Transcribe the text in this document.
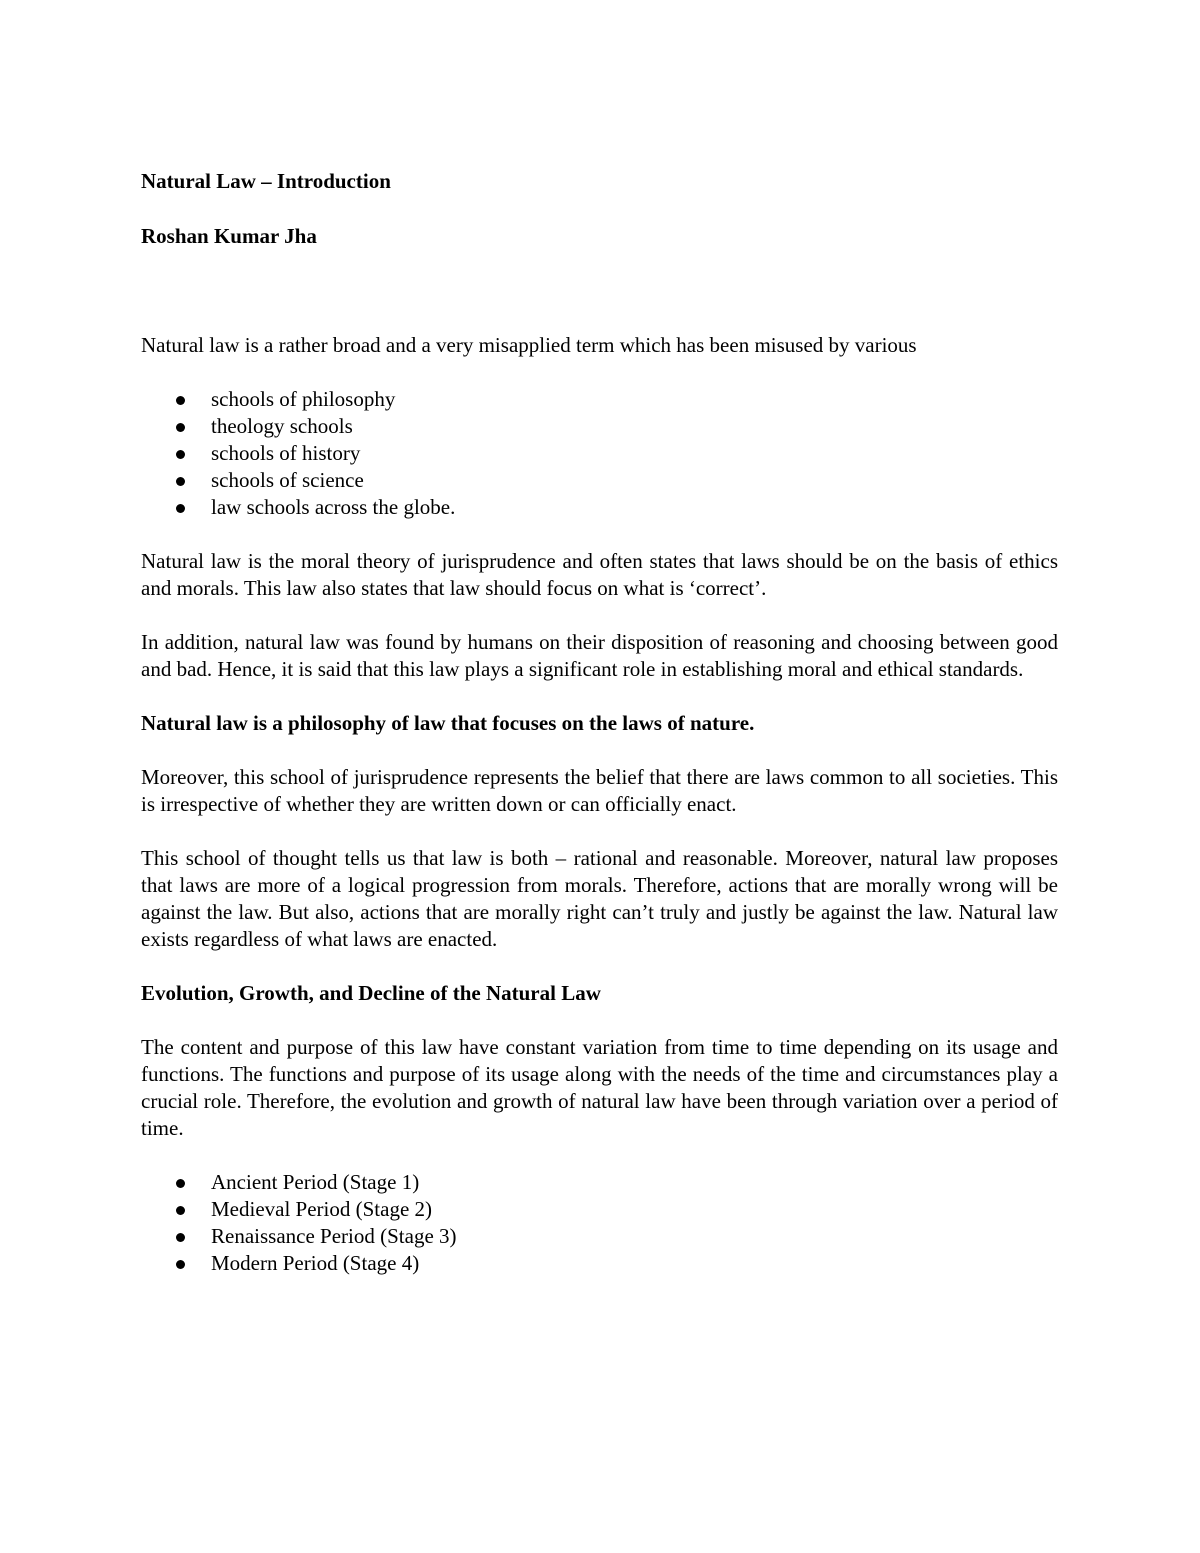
Natural Law – Introduction

Roshan Kumar Jha

Natural law is a rather broad and a very misapplied term which has been misused by various

schools of philosophy
theology schools
schools of history
schools of science
law schools across the globe.

Natural law is the moral theory of jurisprudence and often states that laws should be on the basis of ethics and morals. This law also states that law should focus on what is ‘correct’.

In addition, natural law was found by humans on their disposition of reasoning and choosing between good and bad. Hence, it is said that this law plays a significant role in establishing moral and ethical standards.

Natural law is a philosophy of law that focuses on the laws of nature.

Moreover, this school of jurisprudence represents the belief that there are laws common to all societies. This is irrespective of whether they are written down or can officially enact.

This school of thought tells us that law is both – rational and reasonable. Moreover, natural law proposes that laws are more of a logical progression from morals. Therefore, actions that are morally wrong will be against the law. But also, actions that are morally right can’t truly and justly be against the law. Natural law exists regardless of what laws are enacted.

Evolution, Growth, and Decline of the Natural Law

The content and purpose of this law have constant variation from time to time depending on its usage and functions. The functions and purpose of its usage along with the needs of the time and circumstances play a crucial role. Therefore, the evolution and growth of natural law have been through variation over a period of time.

Ancient Period (Stage 1)
Medieval Period (Stage 2)
Renaissance Period (Stage 3)
Modern Period (Stage 4)
